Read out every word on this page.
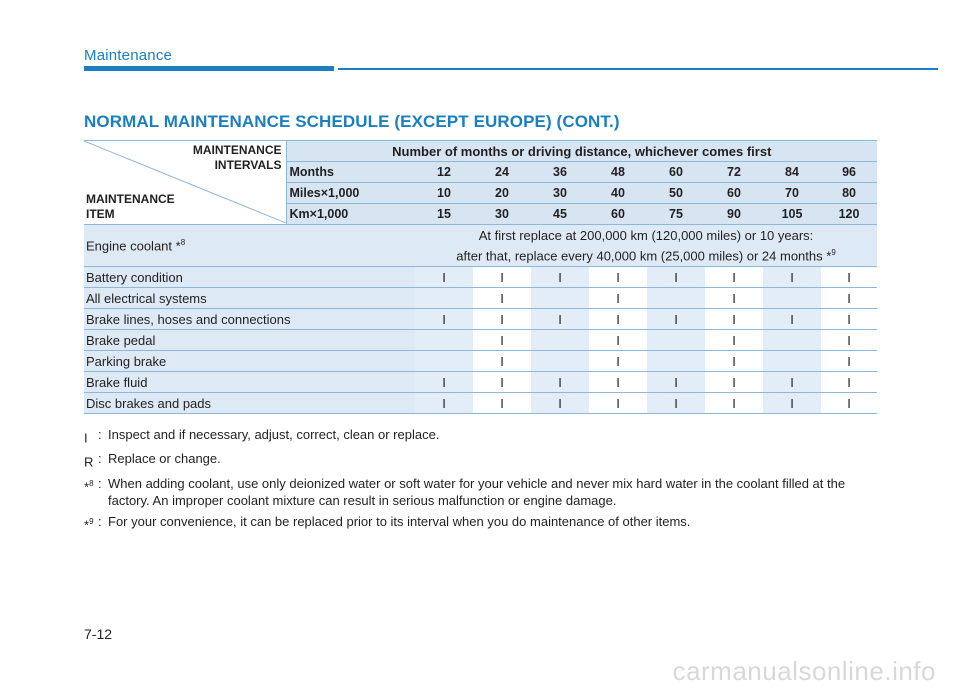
Maintenance
NORMAL MAINTENANCE SCHEDULE (EXCEPT EUROPE) (CONT.)
MAINTENANCE
INTERVALS
MAINTENANCE
ITEM	Number of months or driving distance, whichever comes first								
	Months	12	24	36	48	60	72	84	96
	Miles×1,000	10	20	30	40	50	60	70	80
	Km×1,000	15	30	45	60	75	90	105	120
Engine coolant *$^8$		At first replace at 200,000 km (120,000 miles) or 10 years:
after that, replace every 40,000 km (25,000 miles) or 24 months *$^9$

Battery condition		I	I	I	I	I	I	I	I
All electrical systems			I		I		I		I
Brake lines, hoses and connections		I	I	I	I	I	I	I	I
Brake pedal			I		I		I		I
Parking brake			I		I		I		I
Brake fluid		I	I	I	I	I	I	I	I
Disc brakes and pads		I	I	I	I	I	I	I	I
I : Inspect and if necessary, adjust, correct, clean or replace.
R : Replace or change.
*$^8$ : When adding coolant, use only deionized water or soft water for your vehicle and never mix hard water in the coolant filled at the factory. An improper coolant mixture can result in serious malfunction or engine damage.
*$^9$ : For your convenience, it can be replaced prior to its interval when you do maintenance of other items.
7-12
carmanualsonline.info
